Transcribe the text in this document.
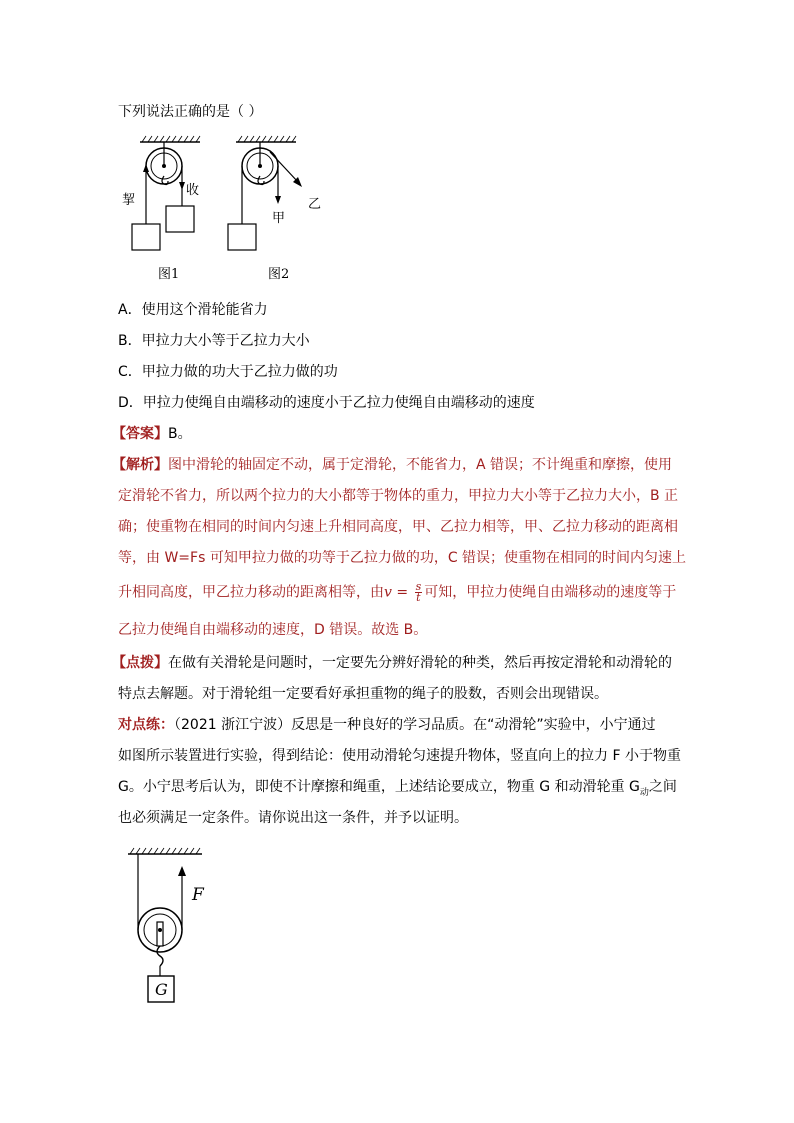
下列说法正确的是（ ）
挈
收
图1
甲
乙
图2
A．使用这个滑轮能省力
B．甲拉力大小等于乙拉力大小
C．甲拉力做的功大于乙拉力做的功
D．甲拉力使绳自由端移动的速度小于乙拉力使绳自由端移动的速度
【答案】B。
【解析】图中滑轮的轴固定不动，属于定滑轮，不能省力，A 错误；不计绳重和摩擦，使用
定滑轮不省力，所以两个拉力的大小都等于物体的重力，甲拉力大小等于乙拉力大小，B 正
确；使重物在相同的时间内匀速上升相同高度，甲、乙拉力相等，甲、乙拉力移动的距离相
等，由 W=Fs 可知甲拉力做的功等于乙拉力做的功，C 错误；使重物在相同的时间内匀速上
升相同高度，甲乙拉力移动的距离相等，由$v = \frac{s}{t}$ 可知，甲拉力使绳自由端移动的速度等于
乙拉力使绳自由端移动的速度，D 错误。故选 B。
【点拨】在做有关滑轮是问题时，一定要先分辨好滑轮的种类，然后再按定滑轮和动滑轮的
特点去解题。对于滑轮组一定要看好承担重物的绳子的股数，否则会出现错误。
对点练：（2021 浙江宁波）反思是一种良好的学习品质。在“动滑轮”实验中，小宁通过
如图所示装置进行实验，得到结论：使用动滑轮匀速提升物体，竖直向上的拉力 F 小于物重
G。小宁思考后认为，即使不计摩擦和绳重，上述结论要成立，物重 G 和动滑轮重 $G_动$之间
也必须满足一定条件。请你说出这一条件，并予以证明。
F
G
